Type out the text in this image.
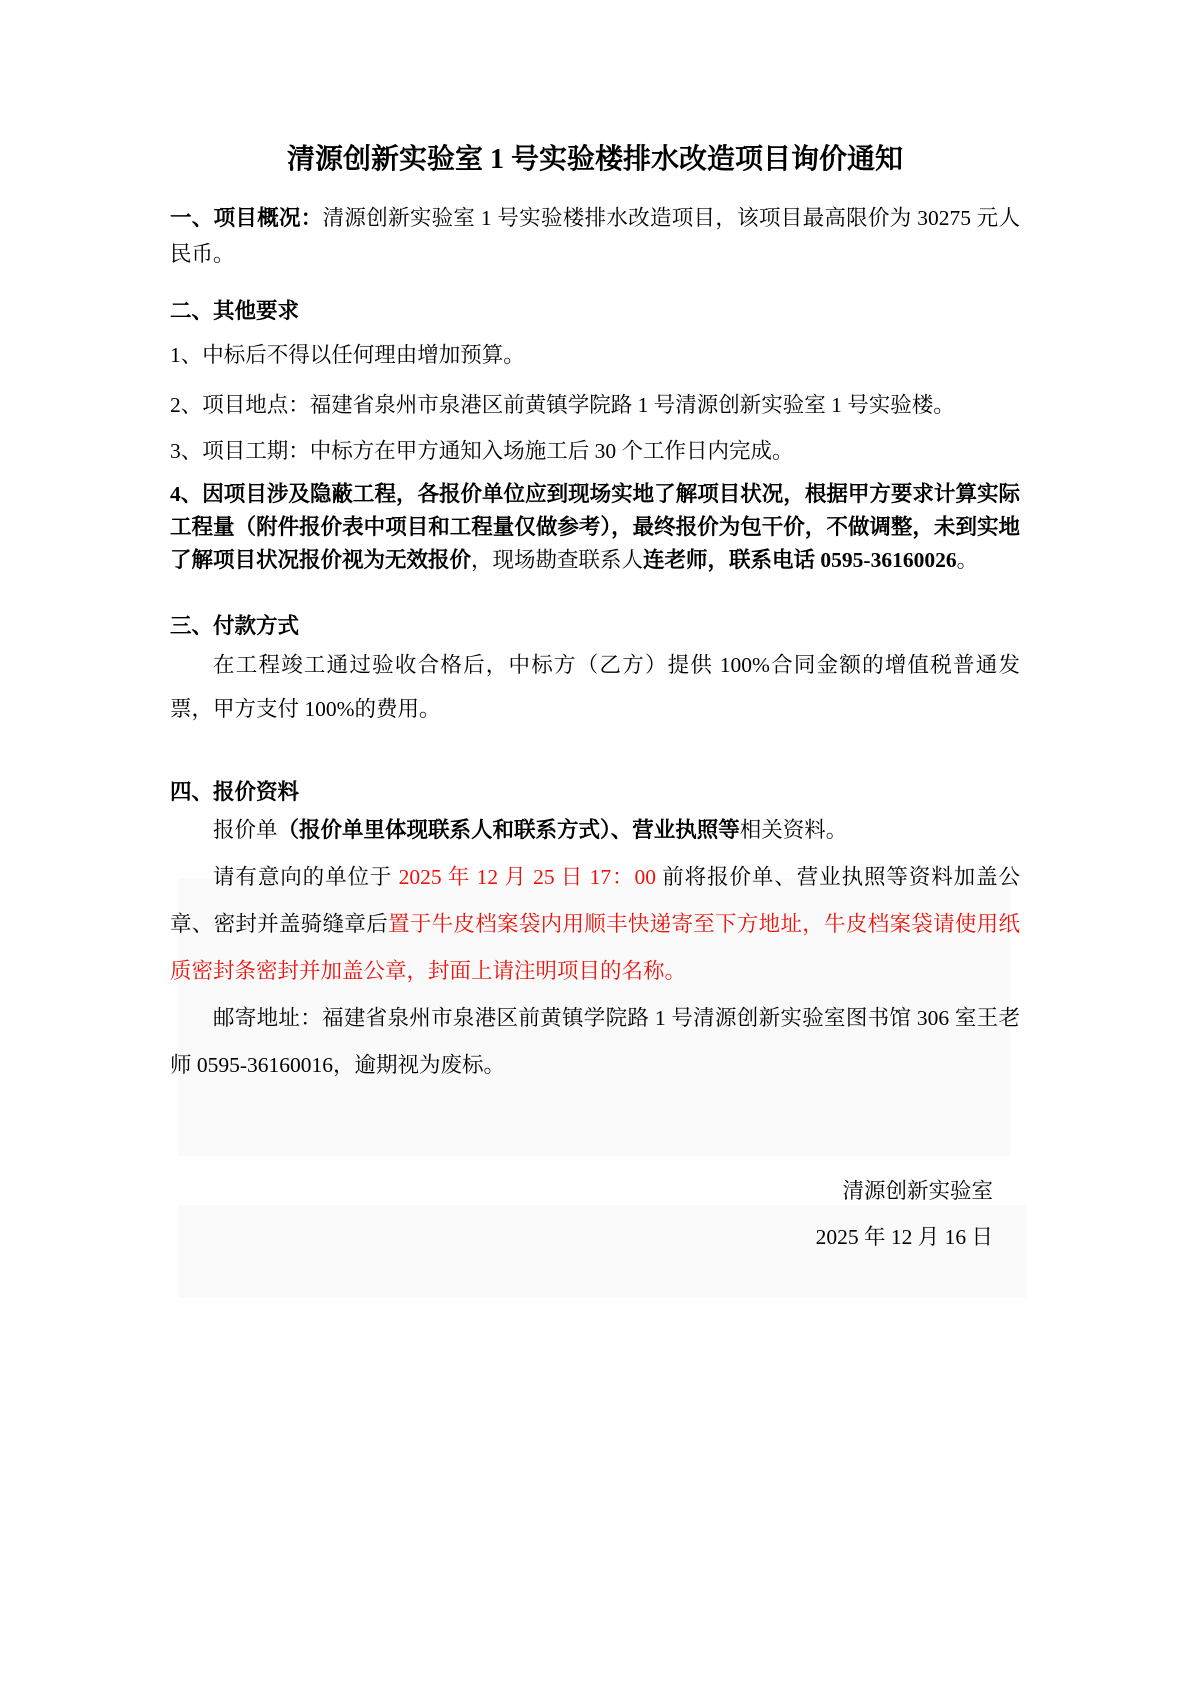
清源创新实验室 1 号实验楼排水改造项目询价通知

一、项目概况：清源创新实验室 1 号实验楼排水改造项目，该项目最高限价为 30275 元人民币。

二、其他要求

1、中标后不得以任何理由增加预算。

2、项目地点：福建省泉州市泉港区前黄镇学院路 1 号清源创新实验室 1 号实验楼。

3、项目工期：中标方在甲方通知入场施工后 30 个工作日内完成。

4、因项目涉及隐蔽工程，各报价单位应到现场实地了解项目状况，根据甲方要求计算实际工程量（附件报价表中项目和工程量仅做参考），最终报价为包干价，不做调整，未到实地了解项目状况报价视为无效报价，现场勘查联系人连老师，联系电话 0595-36160026。

三、付款方式

在工程竣工通过验收合格后，中标方（乙方）提供 100%合同金额的增值税普通发票，甲方支付 100%的费用。

四、报价资料

报价单（报价单里体现联系人和联系方式）、营业执照等相关资料。

请有意向的单位于 2025 年 12 月 25 日 17：00 前将报价单、营业执照等资料加盖公章、密封并盖骑缝章后置于牛皮档案袋内用顺丰快递寄至下方地址，牛皮档案袋请使用纸质密封条密封并加盖公章，封面上请注明项目的名称。

邮寄地址：福建省泉州市泉港区前黄镇学院路 1 号清源创新实验室图书馆 306 室王老师 0595-36160016，逾期视为废标。

清源创新实验室

2025 年 12 月 16 日
